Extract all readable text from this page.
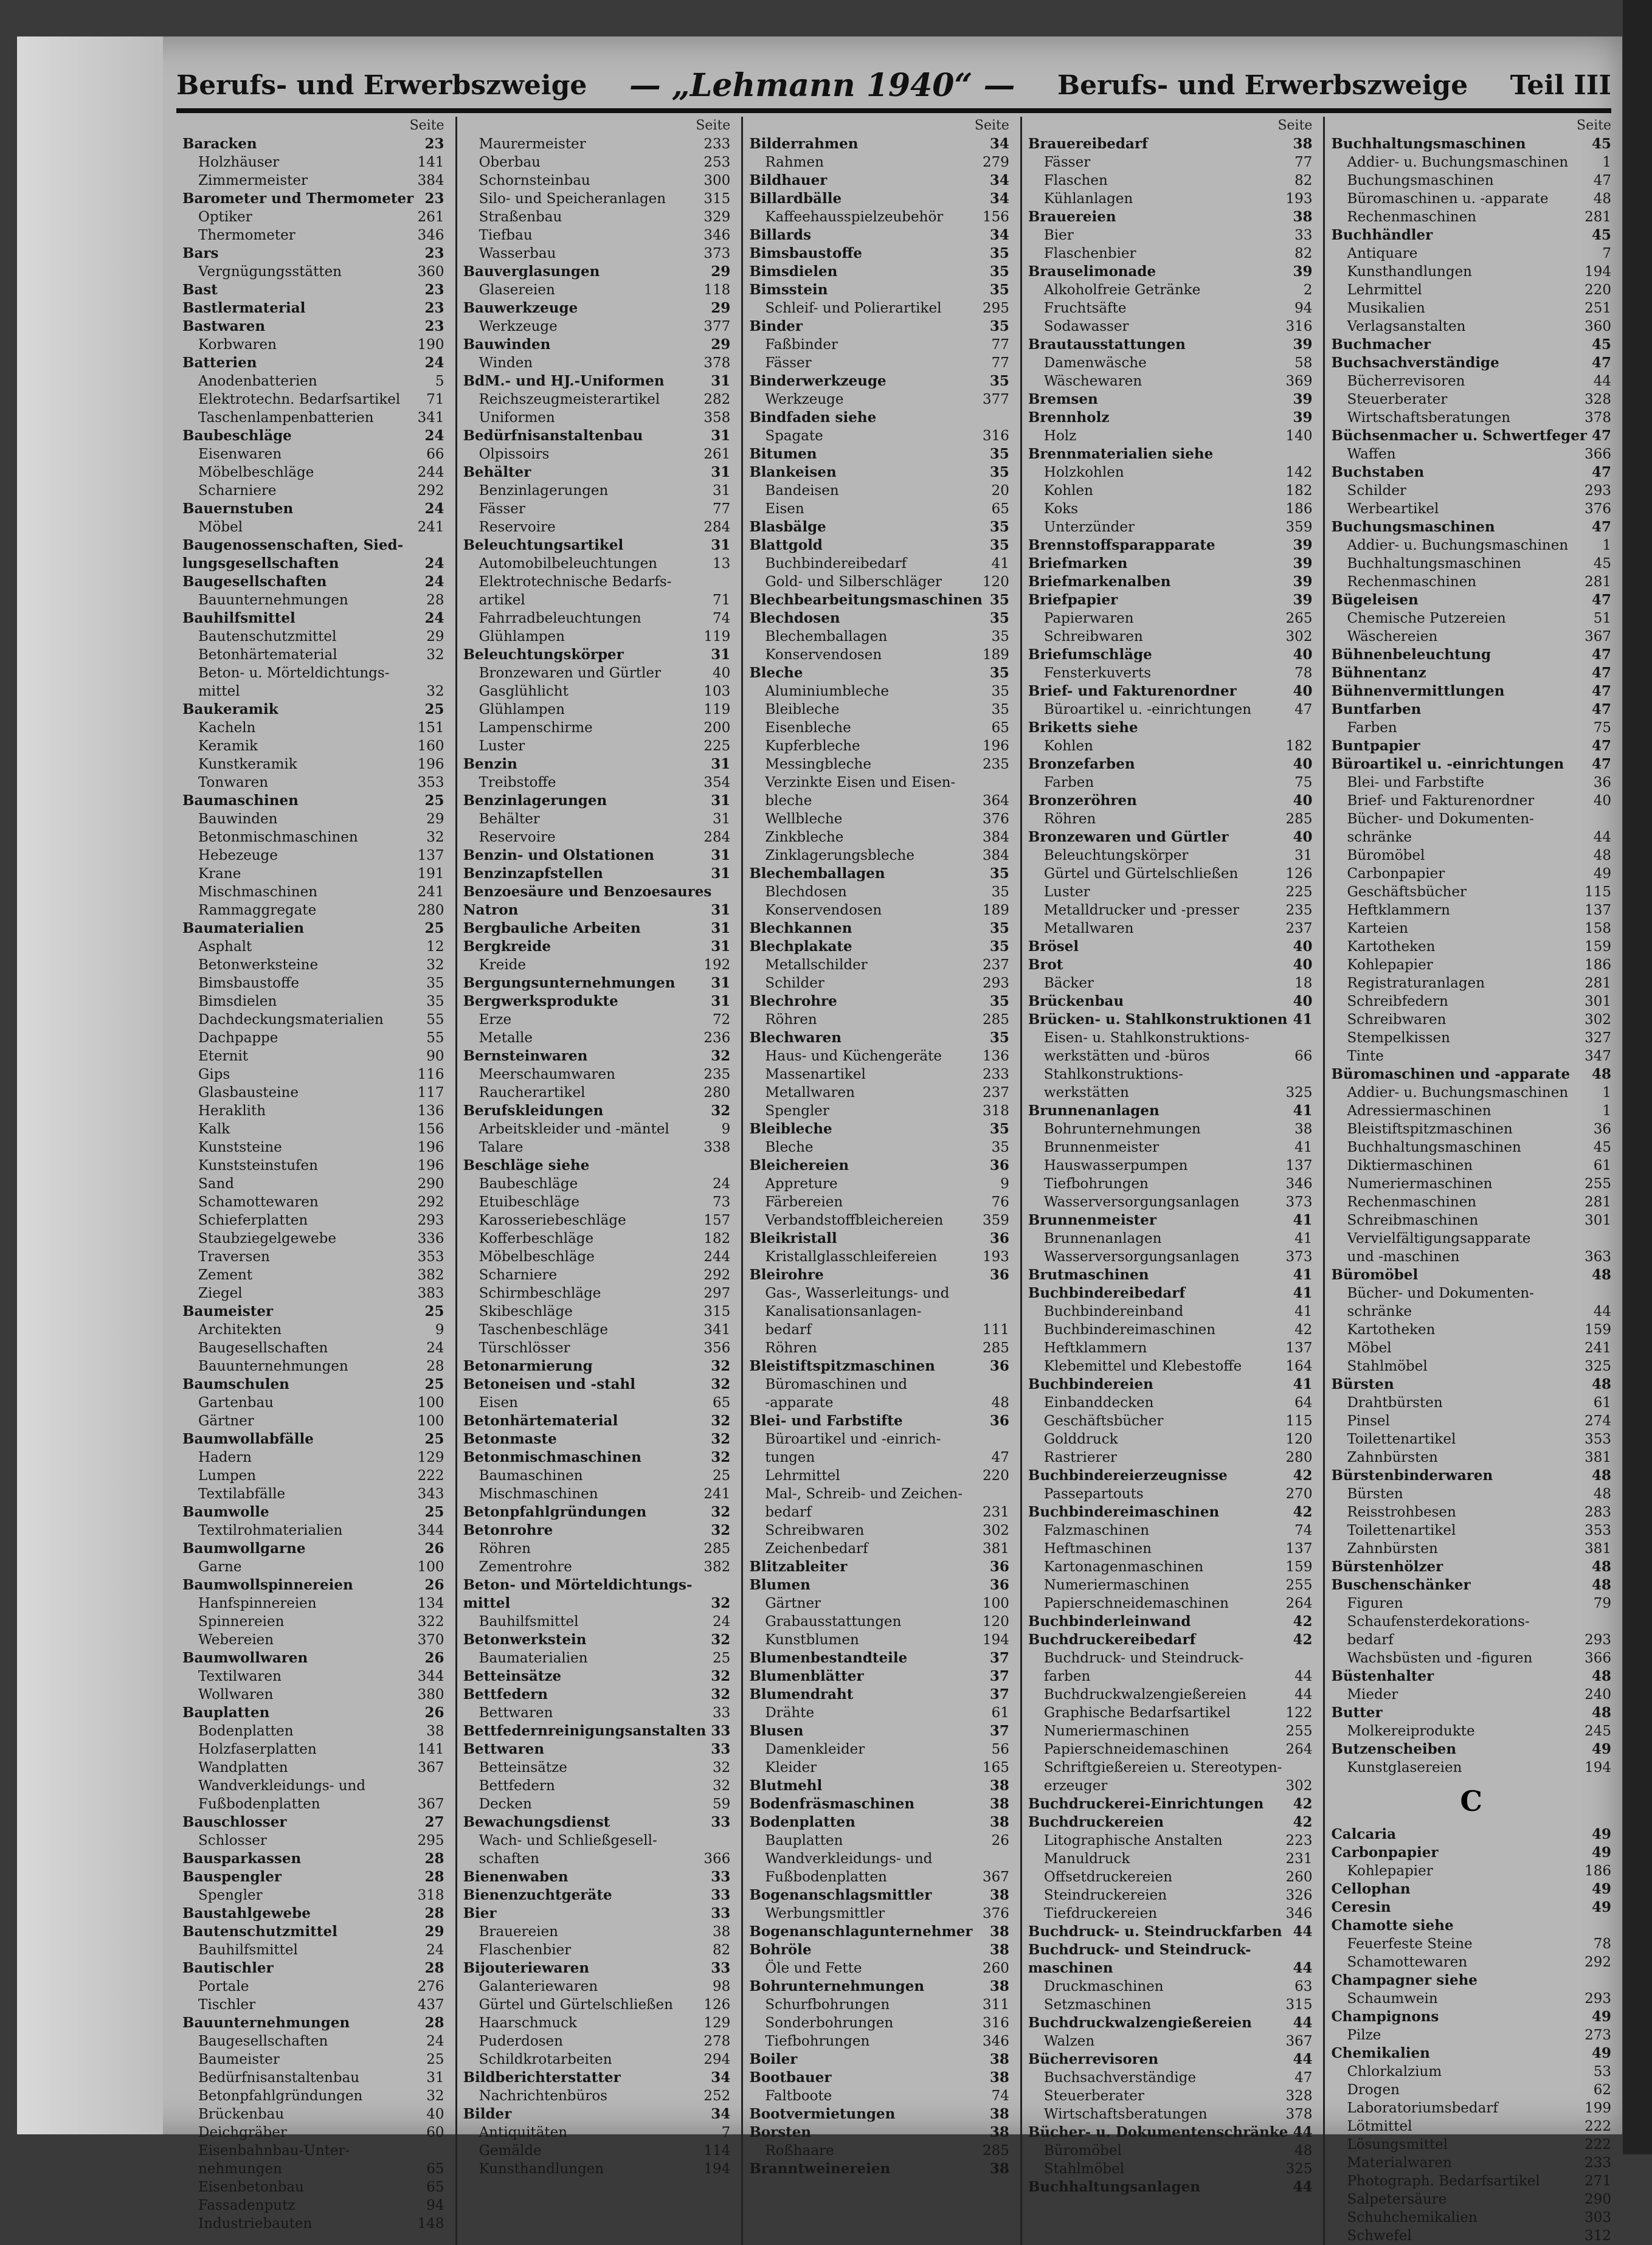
Berufs- und Erwerbszweige — „Lehmann 1940“ — Berufs- und Erwerbszweige Teil III
Seite
Baracken	23
Holzhäuser	141
Zimmermeister	384
Barometer und Thermometer 23
Optiker	261
Thermometer	346
Bars	23
Vergnügungsstätten	360
Bast	23
Bastlermaterial	23
Bastwaren	23
Korbwaren	190
Batterien	24
Anodenbatterien	5
Elektrotechn. Bedarfsartikel	71
Taschenlampenbatterien	341
Baubeschläge	24
Eisenwaren	66
Möbelbeschläge	244
Scharniere	292
Bauernstuben	24
Möbel	241
Baugenossenschaften, Sied-
lungsgesellschaften	24
Baugesellschaften	24
Bauunternehmungen	28
Bauhilfsmittel	24
Bautenschutzmittel	29
Betonhärtematerial	32
Beton- u. Mörteldichtungs-
mittel	32
Baukeramik	25
Kacheln	151
Keramik	160
Kunstkeramik	196
Tonwaren	353
Baumaschinen	25
Bauwinden	29
Betonmischmaschinen	32
Hebezeuge	137
Krane	191
Mischmaschinen	241
Rammaggregate	280
Baumaterialien	25
Asphalt	12
Betonwerksteine	32
Bimsbaustoffe	35
Bimsdielen	35
Dachdeckungsmaterialien	55
Dachpappe	55
Eternit	90
Gips	116
Glasbausteine	117
Heraklith	136
Kalk	156
Kunststeine	196
Kunststeinstufen	196
Sand	290
Schamottewaren	292
Schieferplatten	293
Staubziegelgewebe	336
Traversen	353
Zement	382
Ziegel	383
Baumeister	25
Architekten	9
Baugesellschaften	24
Bauunternehmungen	28
Baumschulen	25
Gartenbau	100
Gärtner	100
Baumwollabfälle	25
Hadern	129
Lumpen	222
Textilabfälle	343
Baumwolle	25
Textilrohmaterialien	344
Baumwollgarne	26
Garne	100
Baumwollspinnereien	26
Hanfspinnereien	134
Spinnereien	322
Webereien	370
Baumwollwaren	26
Textilwaren	344
Wollwaren	380
Bauplatten	26
Bodenplatten	38
Holzfaserplatten	141
Wandplatten	367
Wandverkleidungs- und
Fußbodenplatten	367
Bauschlosser	27
Schlosser	295
Bausparkassen	28
Bauspengler	28
Spengler	318
Baustahlgewebe	28
Bautenschutzmittel	29
Bauhilfsmittel	24
Bautischler	28
Portale	276
Tischler	437
Bauunternehmungen	28
Baugesellschaften	24
Baumeister	25
Bedürfnisanstaltenbau	31
Betonpfahlgründungen	32
Brückenbau	40
Deichgräber	60
Eisenbahnbau-Unter-
nehmungen	65
Eisenbetonbau	65
Fassadenputz	94
Industriebauten	148
Seite
Maurermeister	233
Oberbau	253
Schornsteinbau	300
Silo- und Speicheranlagen	315
Straßenbau	329
Tiefbau	346
Wasserbau	373
Bauverglasungen	29
Glasereien	118
Bauwerkzeuge	29
Werkzeuge	377
Bauwinden	29
Winden	378
BdM.- und HJ.-Uniformen	31
Reichszeugmeisterartikel	282
Uniformen	358
Bedürfnisanstaltenbau	31
Olpissoirs	261
Behälter	31
Benzinlagerungen	31
Fässer	77
Reservoire	284
Beleuchtungsartikel	31
Automobilbeleuchtungen	13
Elektrotechnische Bedarfs-
artikel	71
Fahrradbeleuchtungen	74
Glühlampen	119
Beleuchtungskörper	31
Bronzewaren und Gürtler	40
Gasglühlicht	103
Glühlampen	119
Lampenschirme	200
Luster	225
Benzin	31
Treibstoffe	354
Benzinlagerungen	31
Behälter	31
Reservoire	284
Benzin- und Olstationen	31
Benzinzapfstellen	31
Benzoesäure und Benzoesaures
Natron	31
Bergbauliche Arbeiten	31
Bergkreide	31
Kreide	192
Bergungsunternehmungen	31
Bergwerksprodukte	31
Erze	72
Metalle	236
Bernsteinwaren	32
Meerschaumwaren	235
Raucherartikel	280
Berufskleidungen	32
Arbeitskleider und -mäntel	9
Talare	338
Beschläge siehe
Baubeschläge	24
Etuibeschläge	73
Karosseriebeschläge	157
Kofferbeschläge	182
Möbelbeschläge	244
Scharniere	292
Schirmbeschläge	297
Skibeschläge	315
Taschenbeschläge	341
Türschlösser	356
Betonarmierung	32
Betoneisen und -stahl	32
Eisen	65
Betonhärtematerial	32
Betonmaste	32
Betonmischmaschinen	32
Baumaschinen	25
Mischmaschinen	241
Betonpfahlgründungen	32
Betonrohre	32
Röhren	285
Zementrohre	382
Beton- und Mörteldichtungs-
mittel	32
Bauhilfsmittel	24
Betonwerkstein	32
Baumaterialien	25
Betteinsätze	32
Bettfedern	32
Bettwaren	33
Bettfedernreinigungsanstalten 33
Bettwaren	33
Betteinsätze	32
Bettfedern	32
Decken	59
Bewachungsdienst	33
Wach- und Schließgesell-
schaften	366
Bienenwaben	33
Bienenzuchtgeräte	33
Bier	33
Brauereien	38
Flaschenbier	82
Bijouteriewaren	33
Galanteriewaren	98
Gürtel und Gürtelschließen	126
Haarschmuck	129
Puderdosen	278
Schildkrotarbeiten	294
Bildberichterstatter	34
Nachrichtenbüros	252
Bilder	34
Antiquitäten	7
Gemälde	114
Kunsthandlungen	194
Seite
Bilderrahmen	34
Rahmen	279
Bildhauer	34
Billardbälle	34
Kaffeehausspielzeubehör	156
Billards	34
Bimsbaustoffe	35
Bimsdielen	35
Bimsstein	35
Schleif- und Polierartikel	295
Binder	35
Faßbinder	77
Fässer	77
Binderwerkzeuge	35
Werkzeuge	377
Bindfaden siehe
Spagate	316
Bitumen	35
Blankeisen	35
Bandeisen	20
Eisen	65
Blasbälge	35
Blattgold	35
Buchbindereibedarf	41
Gold- und Silberschläger	120
Blechbearbeitungsmaschinen 35
Blechdosen	35
Blechemballagen	35
Konservendosen	189
Bleche	35
Aluminiumbleche	35
Bleibleche	35
Eisenbleche	65
Kupferbleche	196
Messingbleche	235
Verzinkte Eisen und Eisen-
bleche	364
Wellbleche	376
Zinkbleche	384
Zinklagerungsbleche	384
Blechemballagen	35
Blechdosen	35
Konservendosen	189
Blechkannen	35
Blechplakate	35
Metallschilder	237
Schilder	293
Blechrohre	35
Röhren	285
Blechwaren	35
Haus- und Küchengeräte	136
Massenartikel	233
Metallwaren	237
Spengler	318
Bleibleche	35
Bleche	35
Bleichereien	36
Appreture	9
Färbereien	76
Verbandstoffbleichereien	359
Bleikristall	36
Kristallglasschleifereien	193
Bleirohre	36
Gas-, Wasserleitungs- und
Kanalisationsanlagen-
bedarf	111
Röhren	285
Bleistiftspitzmaschinen	36
Büromaschinen und
-apparate	48
Blei- und Farbstifte	36
Büroartikel und -einrich-
tungen	47
Lehrmittel	220
Mal-, Schreib- und Zeichen-
bedarf	231
Schreibwaren	302
Zeichenbedarf	381
Blitzableiter	36
Blumen	36
Gärtner	100
Grabausstattungen	120
Kunstblumen	194
Blumenbestandteile	37
Blumenblätter	37
Blumendraht	37
Drähte	61
Blusen	37
Damenkleider	56
Kleider	165
Blutmehl	38
Bodenfräsmaschinen	38
Bodenplatten	38
Bauplatten	26
Wandverkleidungs- und
Fußbodenplatten	367
Bogenanschlagsmittler	38
Werbungsmittler	376
Bogenanschlagunternehmer	38
Bohröle	38
Öle und Fette	260
Bohrunternehmungen	38
Schurfbohrungen	311
Sonderbohrungen	316
Tiefbohrungen	346
Boiler	38
Bootbauer	38
Faltboote	74
Bootvermietungen	38
Borsten	38
Roßhaare	285
Branntweinereien	38
Seite
Brauereibedarf	38
Fässer	77
Flaschen	82
Kühlanlagen	193
Brauereien	38
Bier	33
Flaschenbier	82
Brauselimonade	39
Alkoholfreie Getränke	2
Fruchtsäfte	94
Sodawasser	316
Brautausstattungen	39
Damenwäsche	58
Wäschewaren	369
Bremsen	39
Brennholz	39
Holz	140
Brennmaterialien siehe
Holzkohlen	142
Kohlen	182
Koks	186
Unterzünder	359
Brennstoffsparapparate	39
Briefmarken	39
Briefmarkenalben	39
Briefpapier	39
Papierwaren	265
Schreibwaren	302
Briefumschläge	40
Fensterkuverts	78
Brief- und Fakturenordner	40
Büroartikel u. -einrichtungen	47
Briketts siehe
Kohlen	182
Bronzefarben	40
Farben	75
Bronzeröhren	40
Röhren	285
Bronzewaren und Gürtler	40
Beleuchtungskörper	31
Gürtel und Gürtelschließen	126
Luster	225
Metalldrucker und -presser	235
Metallwaren	237
Brösel	40
Brot	40
Bäcker	18
Brückenbau	40
Brücken- u. Stahlkonstruktionen 41
Eisen- u. Stahlkonstruktions-
werkstätten und -büros	66
Stahlkonstruktions-
werkstätten	325
Brunnenanlagen	41
Bohrunternehmungen	38
Brunnenmeister	41
Hauswasserpumpen	137
Tiefbohrungen	346
Wasserversorgungsanlagen	373
Brunnenmeister	41
Brunnenanlagen	41
Wasserversorgungsanlagen	373
Brutmaschinen	41
Buchbindereibedarf	41
Buchbindereinband	41
Buchbindereimaschinen	42
Heftklammern	137
Klebemittel und Klebestoffe	164
Buchbindereien	41
Einbanddecken	64
Geschäftsbücher	115
Golddruck	120
Rastrierer	280
Buchbindereierzeugnisse	42
Passepartouts	270
Buchbindereimaschinen	42
Falzmaschinen	74
Heftmaschinen	137
Kartonagenmaschinen	159
Numeriermaschinen	255
Papierschneidemaschinen	264
Buchbinderleinwand	42
Buchdruckereibedarf	42
Buchdruck- und Steindruck-
farben	44
Buchdruckwalzengießereien	44
Graphische Bedarfsartikel	122
Numeriermaschinen	255
Papierschneidemaschinen	264
Schriftgießereien u. Stereotypen-
erzeuger	302
Buchdruckerei-Einrichtungen	42
Buchdruckereien	42
Litographische Anstalten	223
Manuldruck	231
Offsetdruckereien	260
Steindruckereien	326
Tiefdruckereien	346
Buchdruck- u. Steindruckfarben 44
Buchdruck- und Steindruck-
maschinen	44
Druckmaschinen	63
Setzmaschinen	315
Buchdruckwalzengießereien	44
Walzen	367
Bücherrevisoren	44
Buchsachverständige	47
Steuerberater	328
Wirtschaftsberatungen	378
Bücher- u. Dokumentenschränke 44
Büromöbel	48
Stahlmöbel	325
Buchhaltungsanlagen	44
Seite
Buchhaltungsmaschinen	45
Addier- u. Buchungsmaschinen	1
Buchungsmaschinen	47
Büromaschinen u. -apparate	48
Rechenmaschinen	281
Buchhändler	45
Antiquare	7
Kunsthandlungen	194
Lehrmittel	220
Musikalien	251
Verlagsanstalten	360
Buchmacher	45
Buchsachverständige	47
Bücherrevisoren	44
Steuerberater	328
Wirtschaftsberatungen	378
Büchsenmacher u. Schwertfeger 47
Waffen	366
Buchstaben	47
Schilder	293
Werbeartikel	376
Buchungsmaschinen	47
Addier- u. Buchungsmaschinen	1
Buchhaltungsmaschinen	45
Rechenmaschinen	281
Bügeleisen	47
Chemische Putzereien	51
Wäschereien	367
Bühnenbeleuchtung	47
Bühnentanz	47
Bühnenvermittlungen	47
Buntfarben	47
Farben	75
Buntpapier	47
Büroartikel u. -einrichtungen	47
Blei- und Farbstifte	36
Brief- und Fakturenordner	40
Bücher- und Dokumenten-
schränke	44
Büromöbel	48
Carbonpapier	49
Geschäftsbücher	115
Heftklammern	137
Karteien	158
Kartotheken	159
Kohlepapier	186
Registraturanlagen	281
Schreibfedern	301
Schreibwaren	302
Stempelkissen	327
Tinte	347
Büromaschinen und -apparate	48
Addier- u. Buchungsmaschinen	1
Adressiermaschinen	1
Bleistiftspitzmaschinen	36
Buchhaltungsmaschinen	45
Diktiermaschinen	61
Numeriermaschinen	255
Rechenmaschinen	281
Schreibmaschinen	301
Vervielfältigungsapparate
und -maschinen	363
Büromöbel	48
Bücher- und Dokumenten-
schränke	44
Kartotheken	159
Möbel	241
Stahlmöbel	325
Bürsten	48
Drahtbürsten	61
Pinsel	274
Toilettenartikel	353
Zahnbürsten	381
Bürstenbinderwaren	48
Bürsten	48
Reisstrohbesen	283
Toilettenartikel	353
Zahnbürsten	381
Bürstenhölzer	48
Buschenschänker	48
Figuren	79
Schaufensterdekorations-
bedarf	293
Wachsbüsten und -figuren	366
Büstenhalter	48
Mieder	240
Butter	48
Molkereiprodukte	245
Butzenscheiben	49
Kunstglasereien	194
C
Calcaria	49
Carbonpapier	49
Kohlepapier	186
Cellophan	49
Ceresin	49
Chamotte siehe
Feuerfeste Steine	78
Schamottewaren	292
Champagner siehe
Schaumwein	293
Champignons	49
Pilze	273
Chemikalien	49
Chlorkalzium	53
Drogen	62
Laboratoriumsbedarf	199
Lötmittel	222
Lösungsmittel	222
Materialwaren	233
Photograph. Bedarfsartikel	271
Salpetersäure	290
Schuhchemikalien	303
Schwefel	312
